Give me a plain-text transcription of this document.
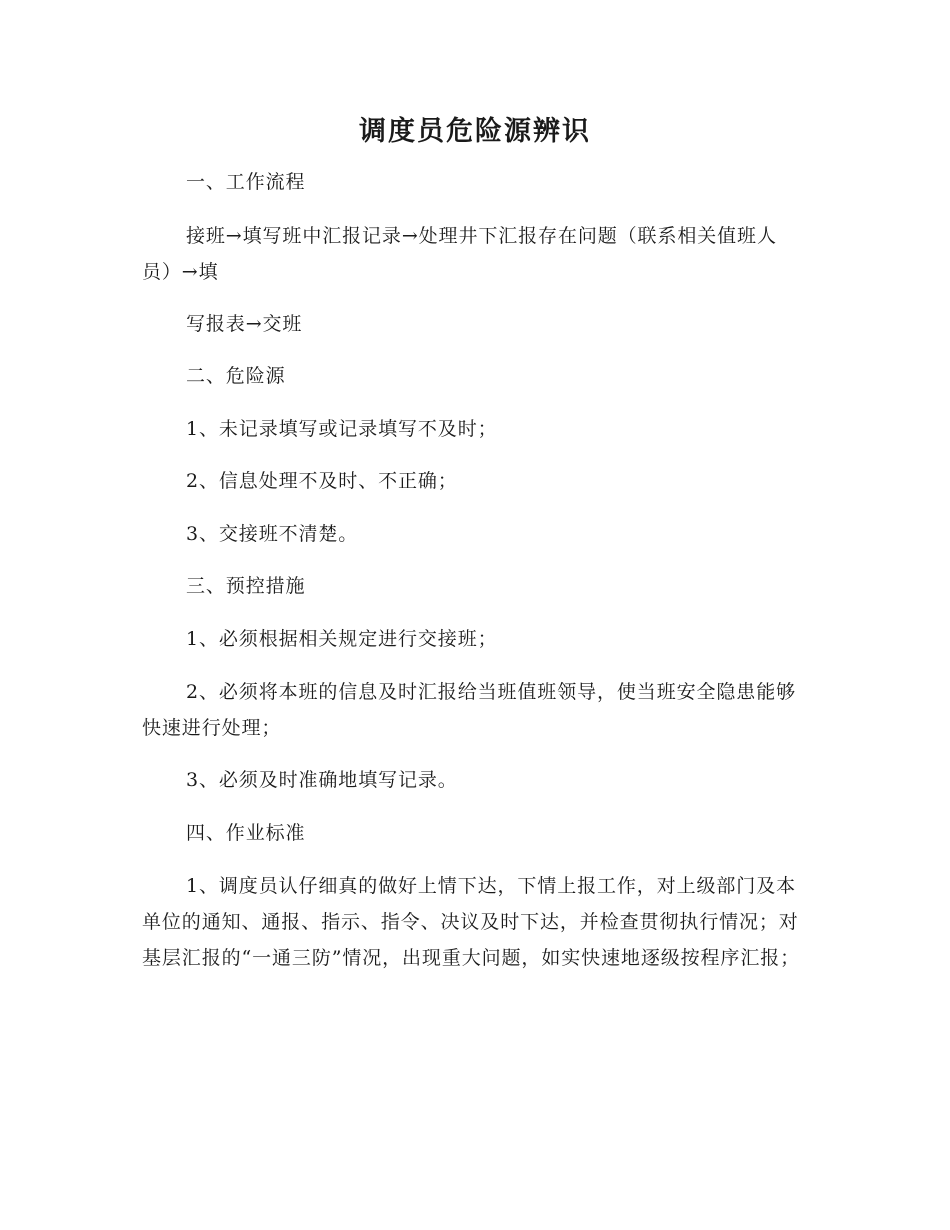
调度员危险源辨识
一、工作流程
接班→填写班中汇报记录→处理井下汇报存在问题（联系相关值班人员）→填
写报表→交班
二、危险源
1、未记录填写或记录填写不及时；
2、信息处理不及时、不正确；
3、交接班不清楚。
三、预控措施
1、必须根据相关规定进行交接班；
2、必须将本班的信息及时汇报给当班值班领导，使当班安全隐患能够快速进行处理；
3、必须及时准确地填写记录。
四、作业标准
1、调度员认仔细真的做好上情下达，下情上报工作，对上级部门及本单位的通知、通报、指示、指令、决议及时下达，并检查贯彻执行情况；对基层汇报的“一通三防”情况，出现重大问题，如实快速地逐级按程序汇报；
